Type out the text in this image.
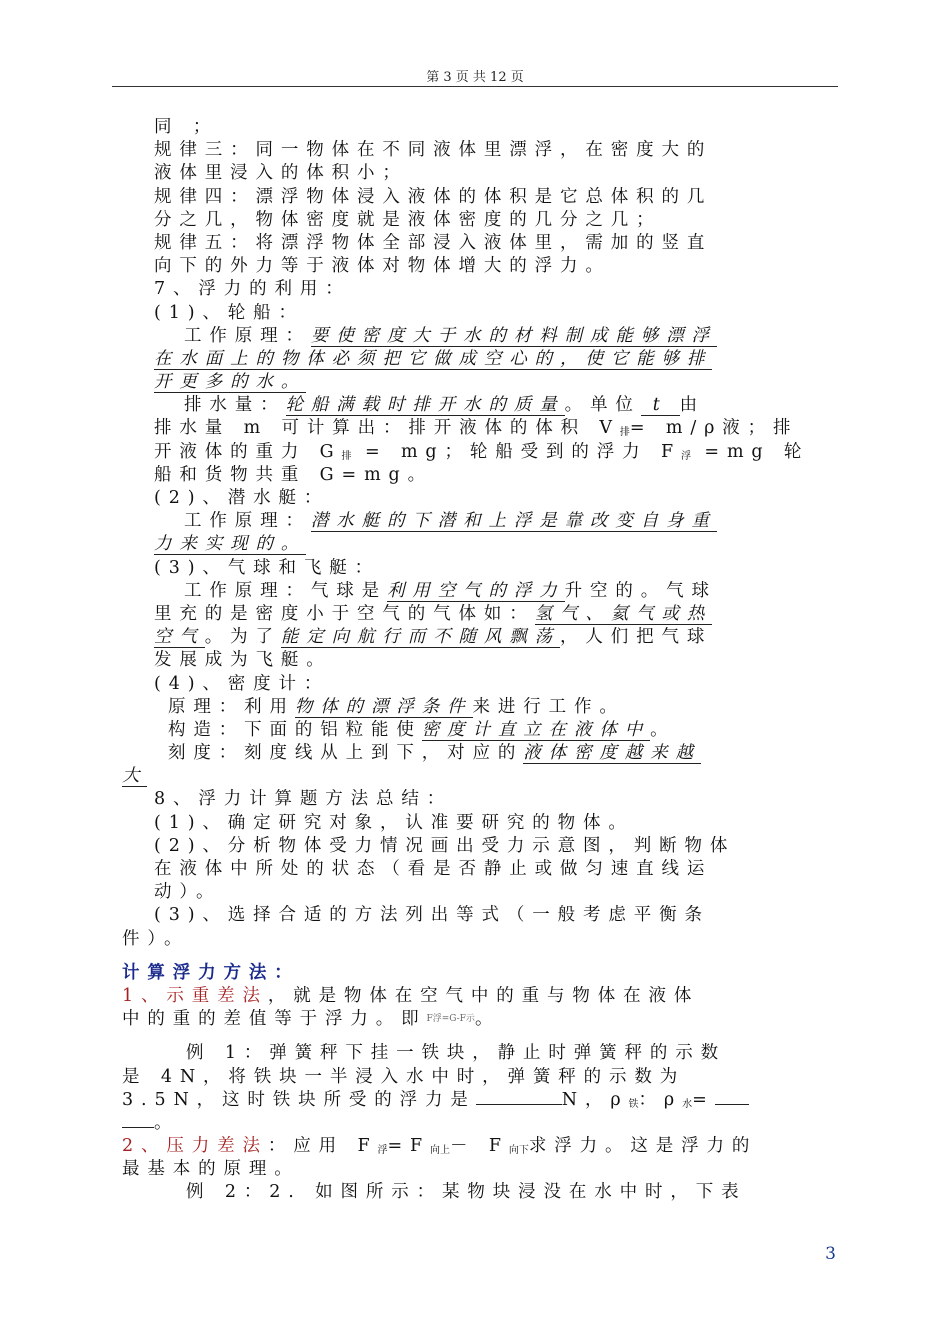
第 3 页 共 12 页
同 ；
规律三：同一物体在不同液体里漂浮，在密度大的
液体里浸入的体积小；
规律四：漂浮物体浸入液体的体积是它总体积的几
分之几，物体密度就是液体密度的几分之几；
规律五：将漂浮物体全部浸入液体里，需加的竖直
向下的外力等于液体对物体增大的浮力。
7、浮力的利用：
(1)、轮船：
工作原理：要使密度大于水的材料制成能够漂浮
在水面上的物体必须把它做成空心的，使它能够排
开更多的水。
排水量：轮船满载时排开水的质量。单位 t 由
排水量 m 可计算出：排开液体的体积 $V_排= m/\rho$液；排
开液体的重力 $G_排$ = mg；轮船受到的浮力 $F_浮 =mg$ 轮
船和货物共重 G=mg。
(2)、潜水艇：
工作原理：潜水艇的下潜和上浮是靠改变自身重
力来实现的。
(3)、气球和飞艇：
工作原理：气球是利用空气的浮力升空的。气球
里充的是密度小于空气的气体如：氢气、氦气或热
空气。为了能定向航行而不随风飘荡，人们把气球
发展成为飞艇。
(4)、密度计：
原理：利用物体的漂浮条件来进行工作。
构造：下面的铝粒能使密度计直立在液体中。
刻度：刻度线从上到下，对应的液体密度越来越
大
8、浮力计算题方法总结：
(1)、确定研究对象，认准要研究的物体。
(2)、分析物体受力情况画出受力示意图，判断物体
在液体中所处的状态（看是否静止或做匀速直线运
动）。
(3)、选择合适的方法列出等式（一般考虑平衡条
件）。
计算浮力方法：
1、示重差法，就是物体在空气中的重与物体在液体
中的重的差值等于浮力。即F浮=G-F示。
例 1：弹簧秤下挂一铁块，静止时弹簧秤的示数
是 4N，将铁块一半浸入水中时，弹簧秤的示数为
3.5N，这时铁块所受的浮力是	N，$\rho_铁$：$\rho_水=$
。
2、压力差法：应用 $F_浮=F_{向上}- F_{向下}$求浮力。这是浮力的
最基本的原理。
例 2：2. 如图所示：某物块浸没在水中时，下表
3
